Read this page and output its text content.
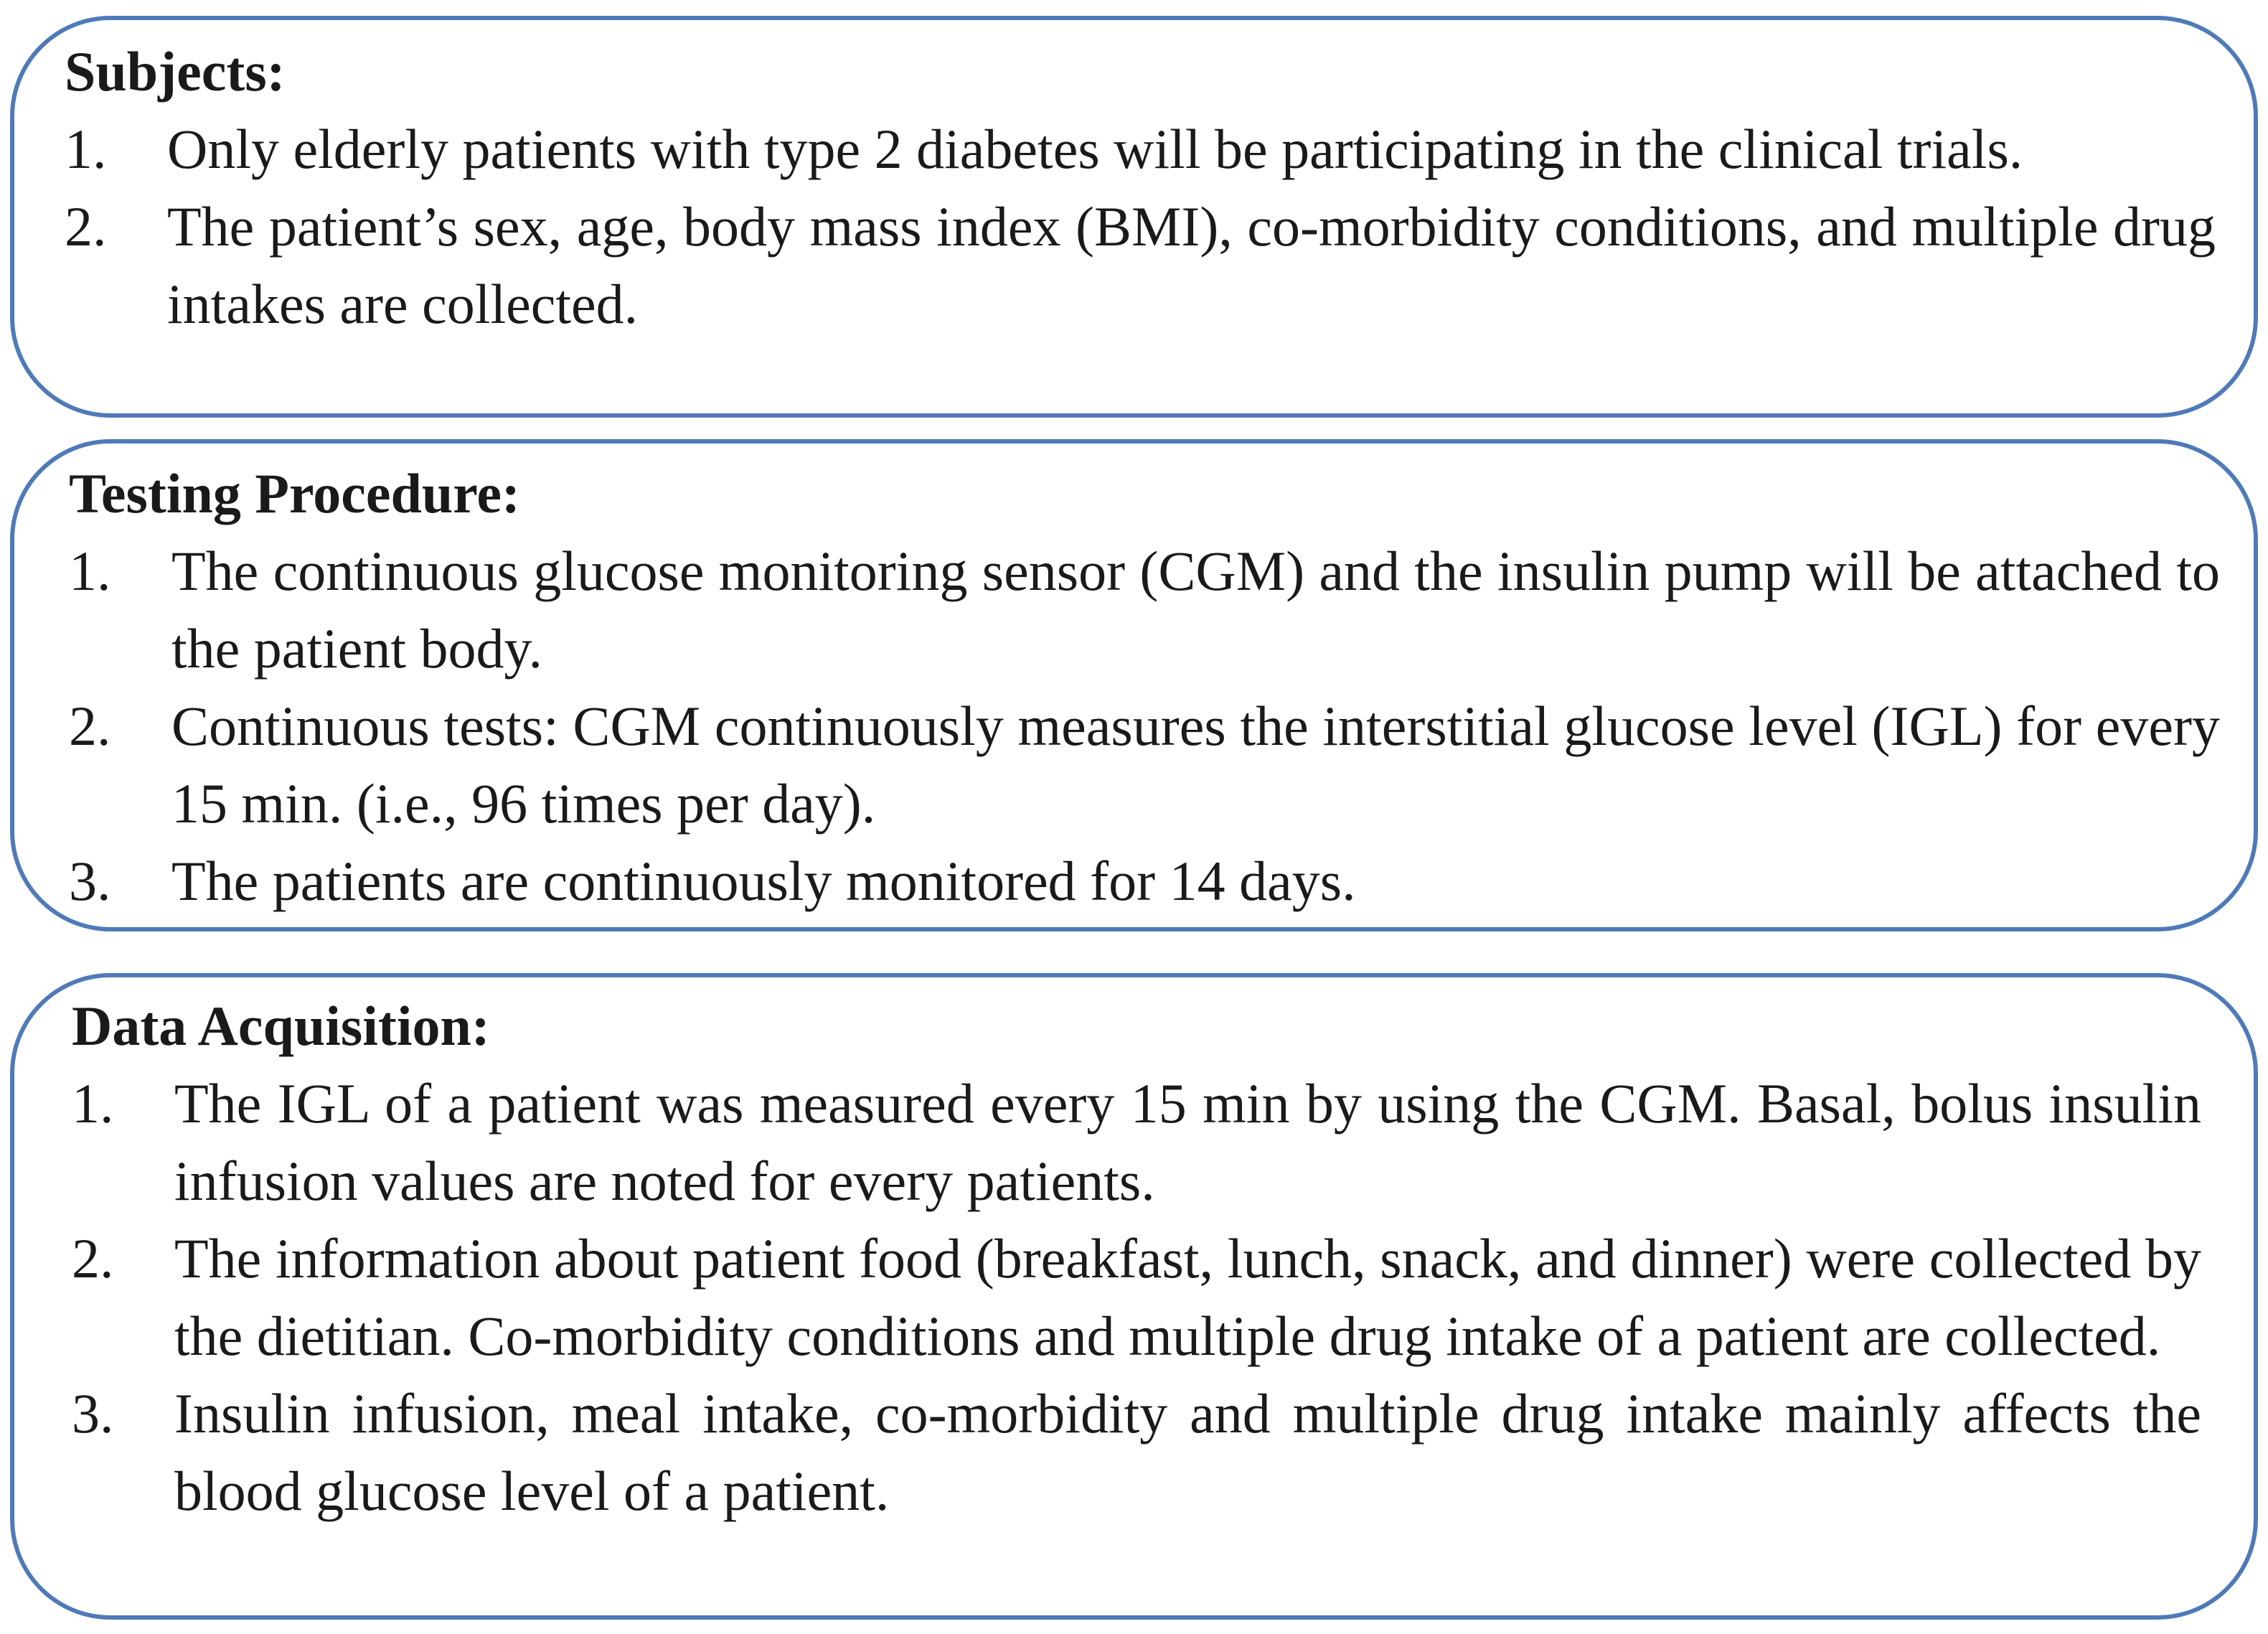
Subjects:
1.	Only elderly patients with type 2 diabetes will be participating in the clinical trials.
2.	The patient’s sex, age, body mass index (BMI), co-morbidity conditions, and multiple drug intakes are collected.
Testing Procedure:
1.	The continuous glucose monitoring sensor (CGM) and the insulin pump will be attached to the patient body.
2.	Continuous tests: CGM continuously measures the interstitial glucose level (IGL) for every 15 min. (i.e., 96 times per day).
3.	The patients are continuously monitored for 14 days.
Data Acquisition:
1.	The IGL of a patient was measured every 15 min by using the CGM. Basal, bolus insulin infusion values are noted for every patients.
2.	The information about patient food (breakfast, lunch, snack, and dinner) were collected by the dietitian. Co-morbidity conditions and multiple drug intake of a patient are collected.
3.	Insulin infusion, meal intake, co-morbidity and multiple drug intake mainly affects the blood glucose level of a patient.
